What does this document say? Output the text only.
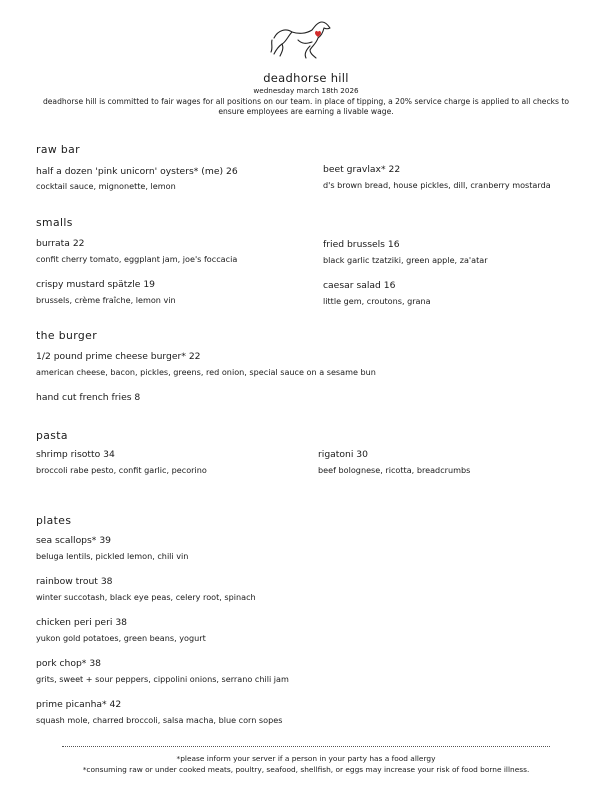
deadhorse hill
wednesday march 18th 2026
deadhorse hill is committed to fair wages for all positions on our team. in place of tipping, a 20% service charge is applied to all checks to ensure employees are earning a livable wage.
raw bar
half a dozen 'pink unicorn' oysters* (me) 26
cocktail sauce, mignonette, lemon
beet gravlax* 22
d's brown bread, house pickles, dill, cranberry mostarda
smalls
burrata 22
confit cherry tomato, eggplant jam, joe's foccacia
fried brussels 16
black garlic tzatziki, green apple, za'atar
crispy mustard spätzle 19
brussels, crème fraîche, lemon vin
caesar salad 16
little gem, croutons, grana
the burger
1/2 pound prime cheese burger* 22
american cheese, bacon, pickles, greens, red onion, special sauce on a sesame bun
hand cut french fries 8
pasta
shrimp risotto 34
broccoli rabe pesto, confit garlic, pecorino
rigatoni 30
beef bolognese, ricotta, breadcrumbs
plates
sea scallops* 39
beluga lentils, pickled lemon, chili vin
rainbow trout 38
winter succotash, black eye peas, celery root, spinach
chicken peri peri 38
yukon gold potatoes, green beans, yogurt
pork chop* 38
grits, sweet + sour peppers, cippolini onions, serrano chili jam
prime picanha* 42
squash mole, charred broccoli, salsa macha, blue corn sopes
*please inform your server if a person in your party has a food allergy
*consuming raw or under cooked meats, poultry, seafood, shellfish, or eggs may increase your risk of food borne illness.
